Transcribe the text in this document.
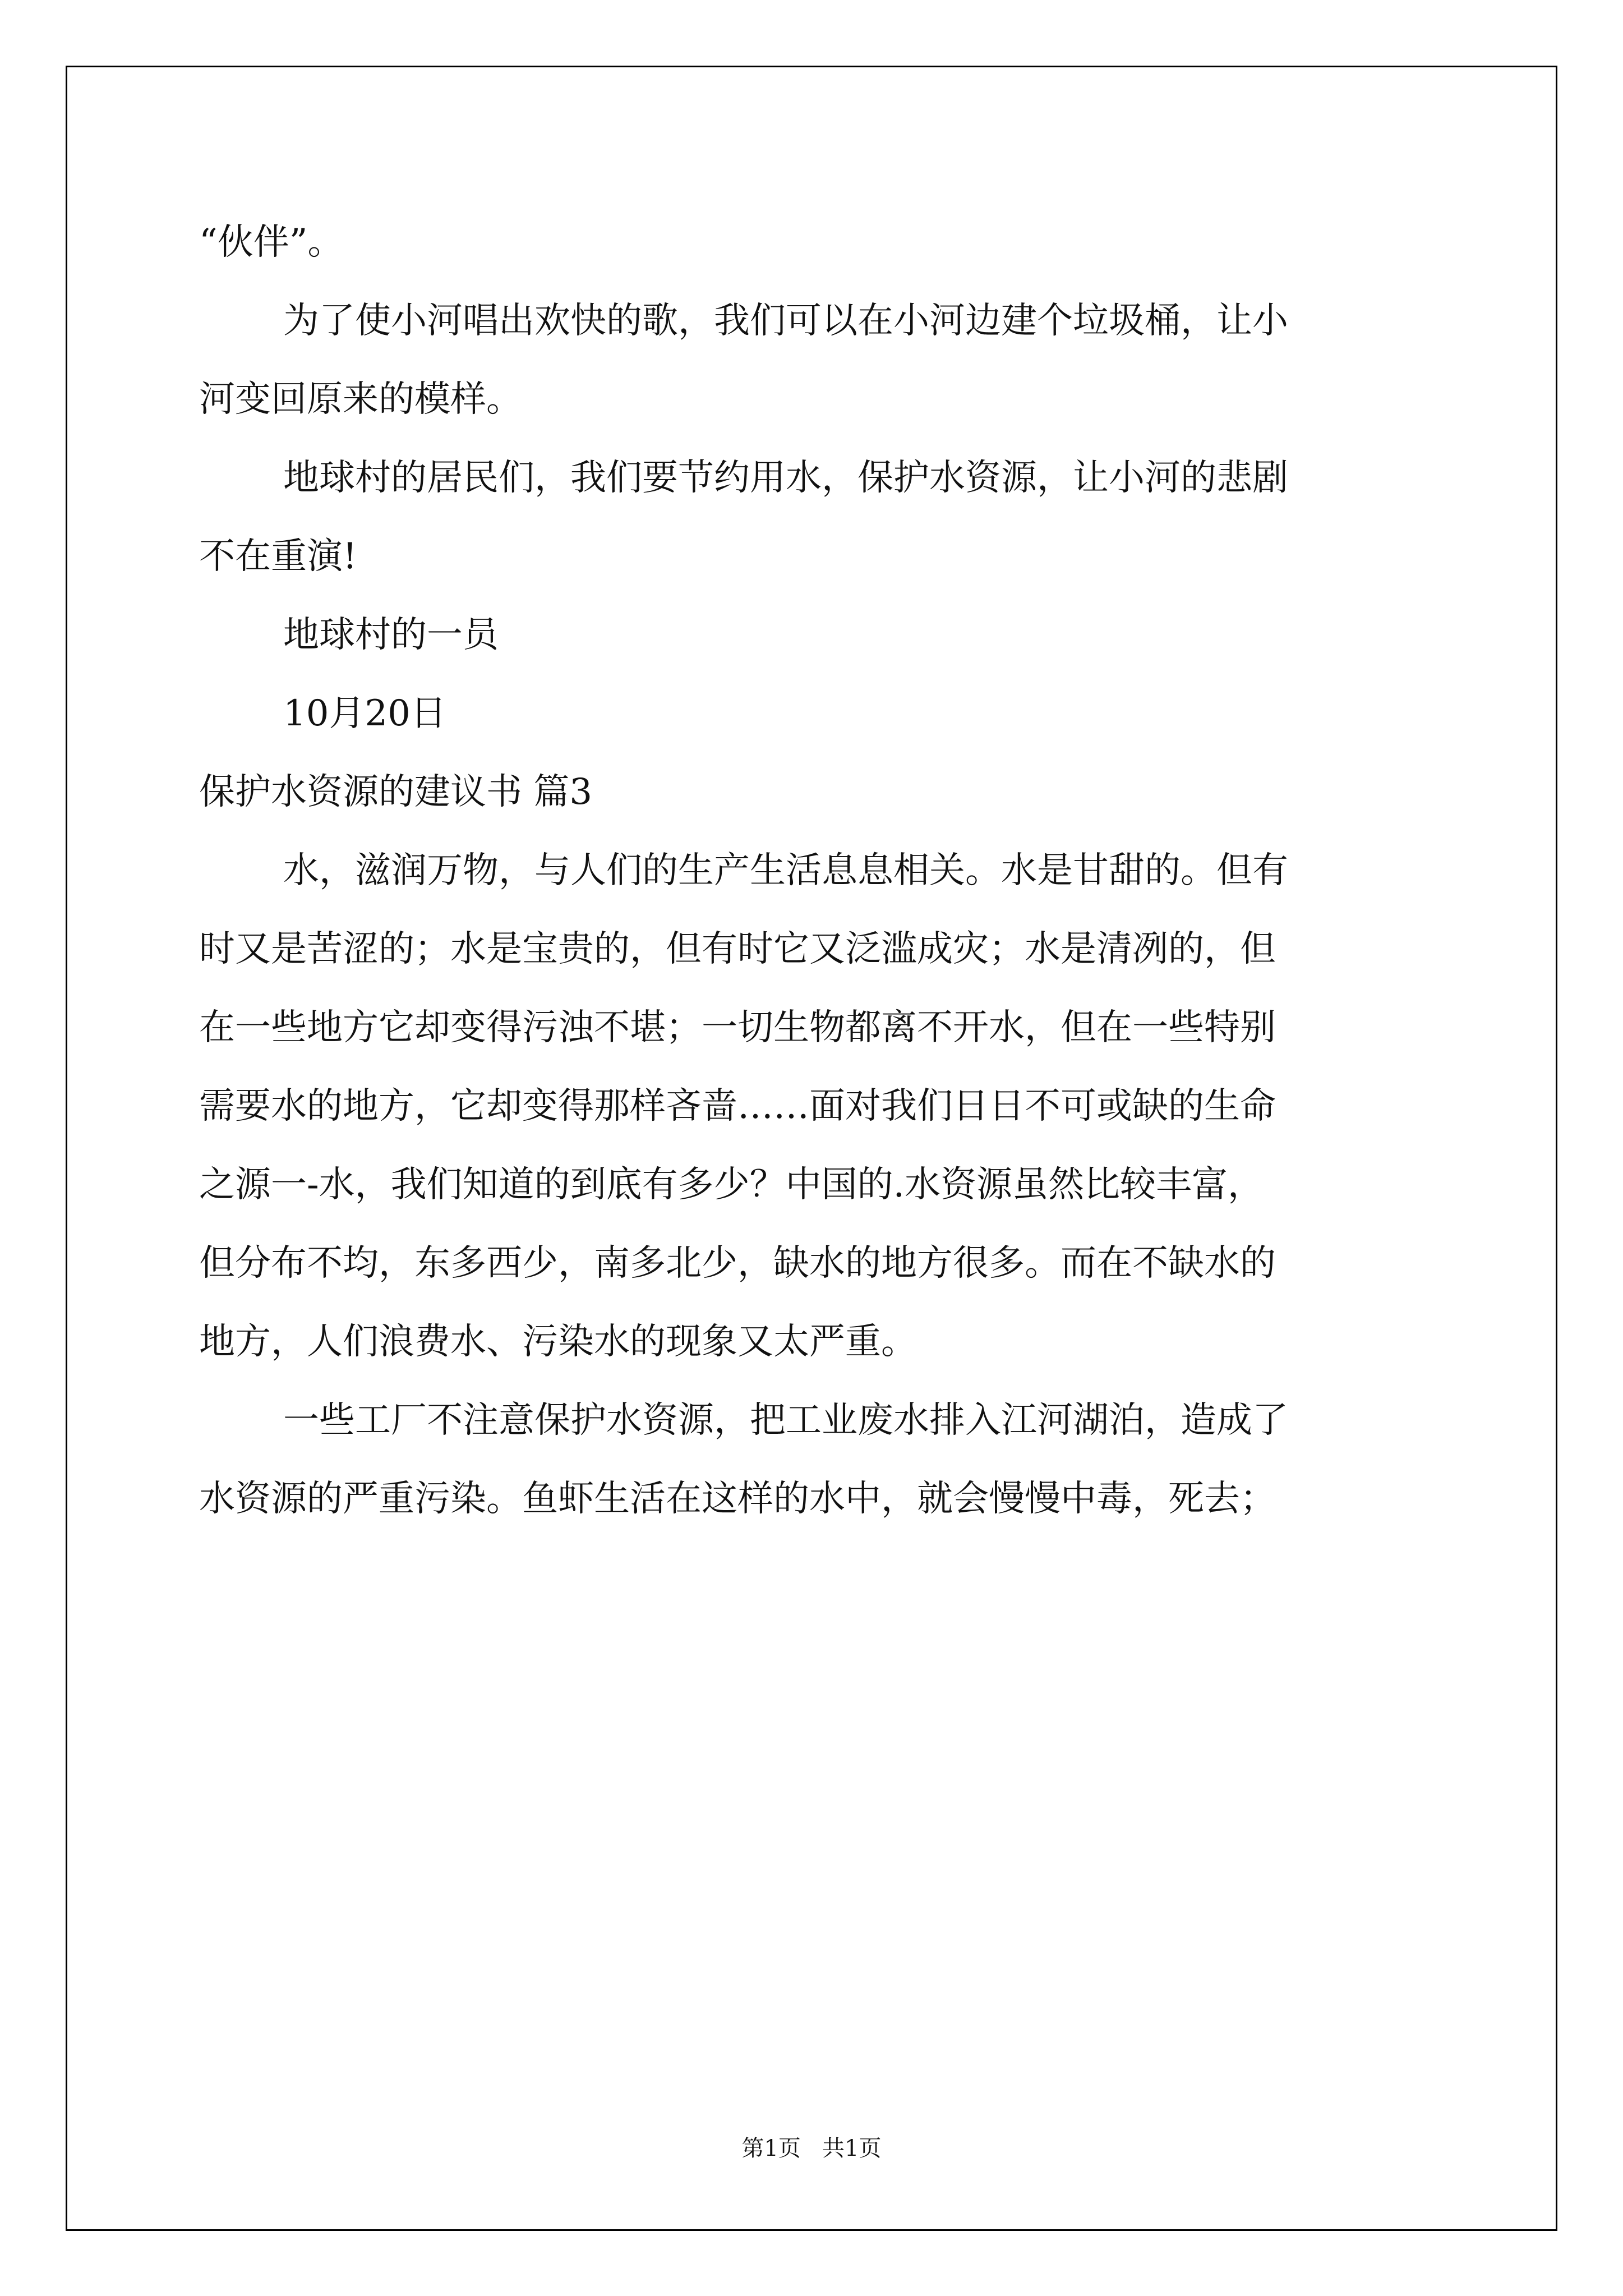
“伙伴”。
为了使小河唱出欢快的歌，我们可以在小河边建个垃圾桶，让小
河变回原来的模样。
地球村的居民们，我们要节约用水，保护水资源，让小河的悲剧
不在重演!
地球村的一员
10月20日
保护水资源的建议书 篇3
水，滋润万物，与人们的生产生活息息相关。水是甘甜的。但有
时又是苦涩的；水是宝贵的，但有时它又泛滥成灾；水是清冽的，但
在一些地方它却变得污浊不堪；一切生物都离不开水，但在一些特别
需要水的地方，它却变得那样吝啬……面对我们日日不可或缺的生命
之源一-水，我们知道的到底有多少？中国的.水资源虽然比较丰富，
但分布不均，东多西少，南多北少，缺水的地方很多。而在不缺水的
地方，人们浪费水、污染水的现象又太严重。
一些工厂不注意保护水资源，把工业废水排入江河湖泊，造成了
水资源的严重污染。鱼虾生活在这样的水中，就会慢慢中毒，死去；
第1页   共1页
